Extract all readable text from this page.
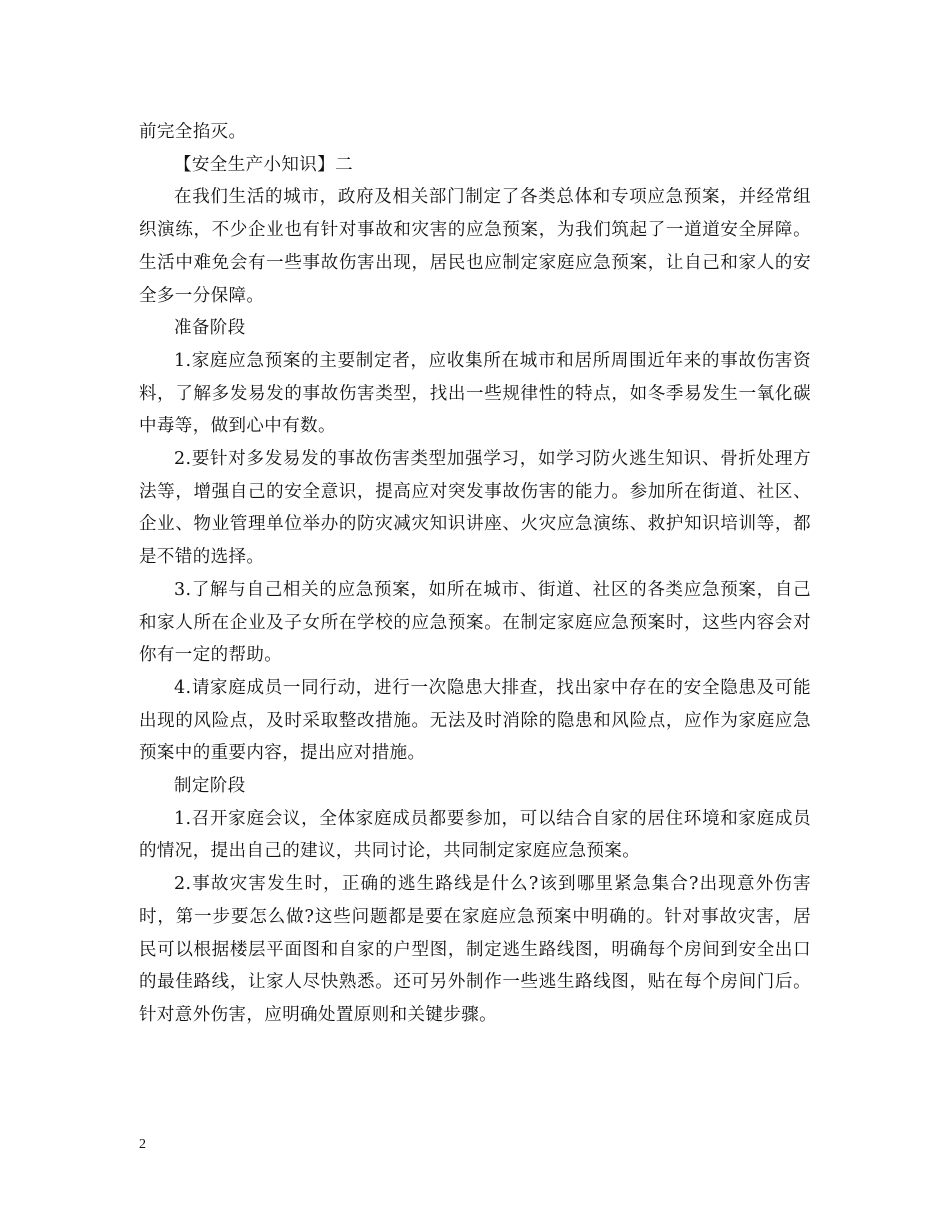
前完全掐灭。

【安全生产小知识】二

在我们生活的城市，政府及相关部门制定了各类总体和专项应急预案，并经常组织演练，不少企业也有针对事故和灾害的应急预案，为我们筑起了一道道安全屏障。生活中难免会有一些事故伤害出现，居民也应制定家庭应急预案，让自己和家人的安全多一分保障。

准备阶段

1.家庭应急预案的主要制定者，应收集所在城市和居所周围近年来的事故伤害资料，了解多发易发的事故伤害类型，找出一些规律性的特点，如冬季易发生一氧化碳中毒等，做到心中有数。

2.要针对多发易发的事故伤害类型加强学习，如学习防火逃生知识、骨折处理方法等，增强自己的安全意识，提高应对突发事故伤害的能力。参加所在街道、社区、企业、物业管理单位举办的防灾减灾知识讲座、火灾应急演练、救护知识培训等，都是不错的选择。

3.了解与自己相关的应急预案，如所在城市、街道、社区的各类应急预案，自己和家人所在企业及子女所在学校的应急预案。在制定家庭应急预案时，这些内容会对你有一定的帮助。

4.请家庭成员一同行动，进行一次隐患大排查，找出家中存在的安全隐患及可能出现的风险点，及时采取整改措施。无法及时消除的隐患和风险点，应作为家庭应急预案中的重要内容，提出应对措施。

制定阶段

1.召开家庭会议，全体家庭成员都要参加，可以结合自家的居住环境和家庭成员的情况，提出自己的建议，共同讨论，共同制定家庭应急预案。

2.事故灾害发生时，正确的逃生路线是什么?该到哪里紧急集合?出现意外伤害时，第一步要怎么做?这些问题都是要在家庭应急预案中明确的。针对事故灾害，居民可以根据楼层平面图和自家的户型图，制定逃生路线图，明确每个房间到安全出口的最佳路线，让家人尽快熟悉。还可另外制作一些逃生路线图，贴在每个房间门后。针对意外伤害，应明确处置原则和关键步骤。

2
